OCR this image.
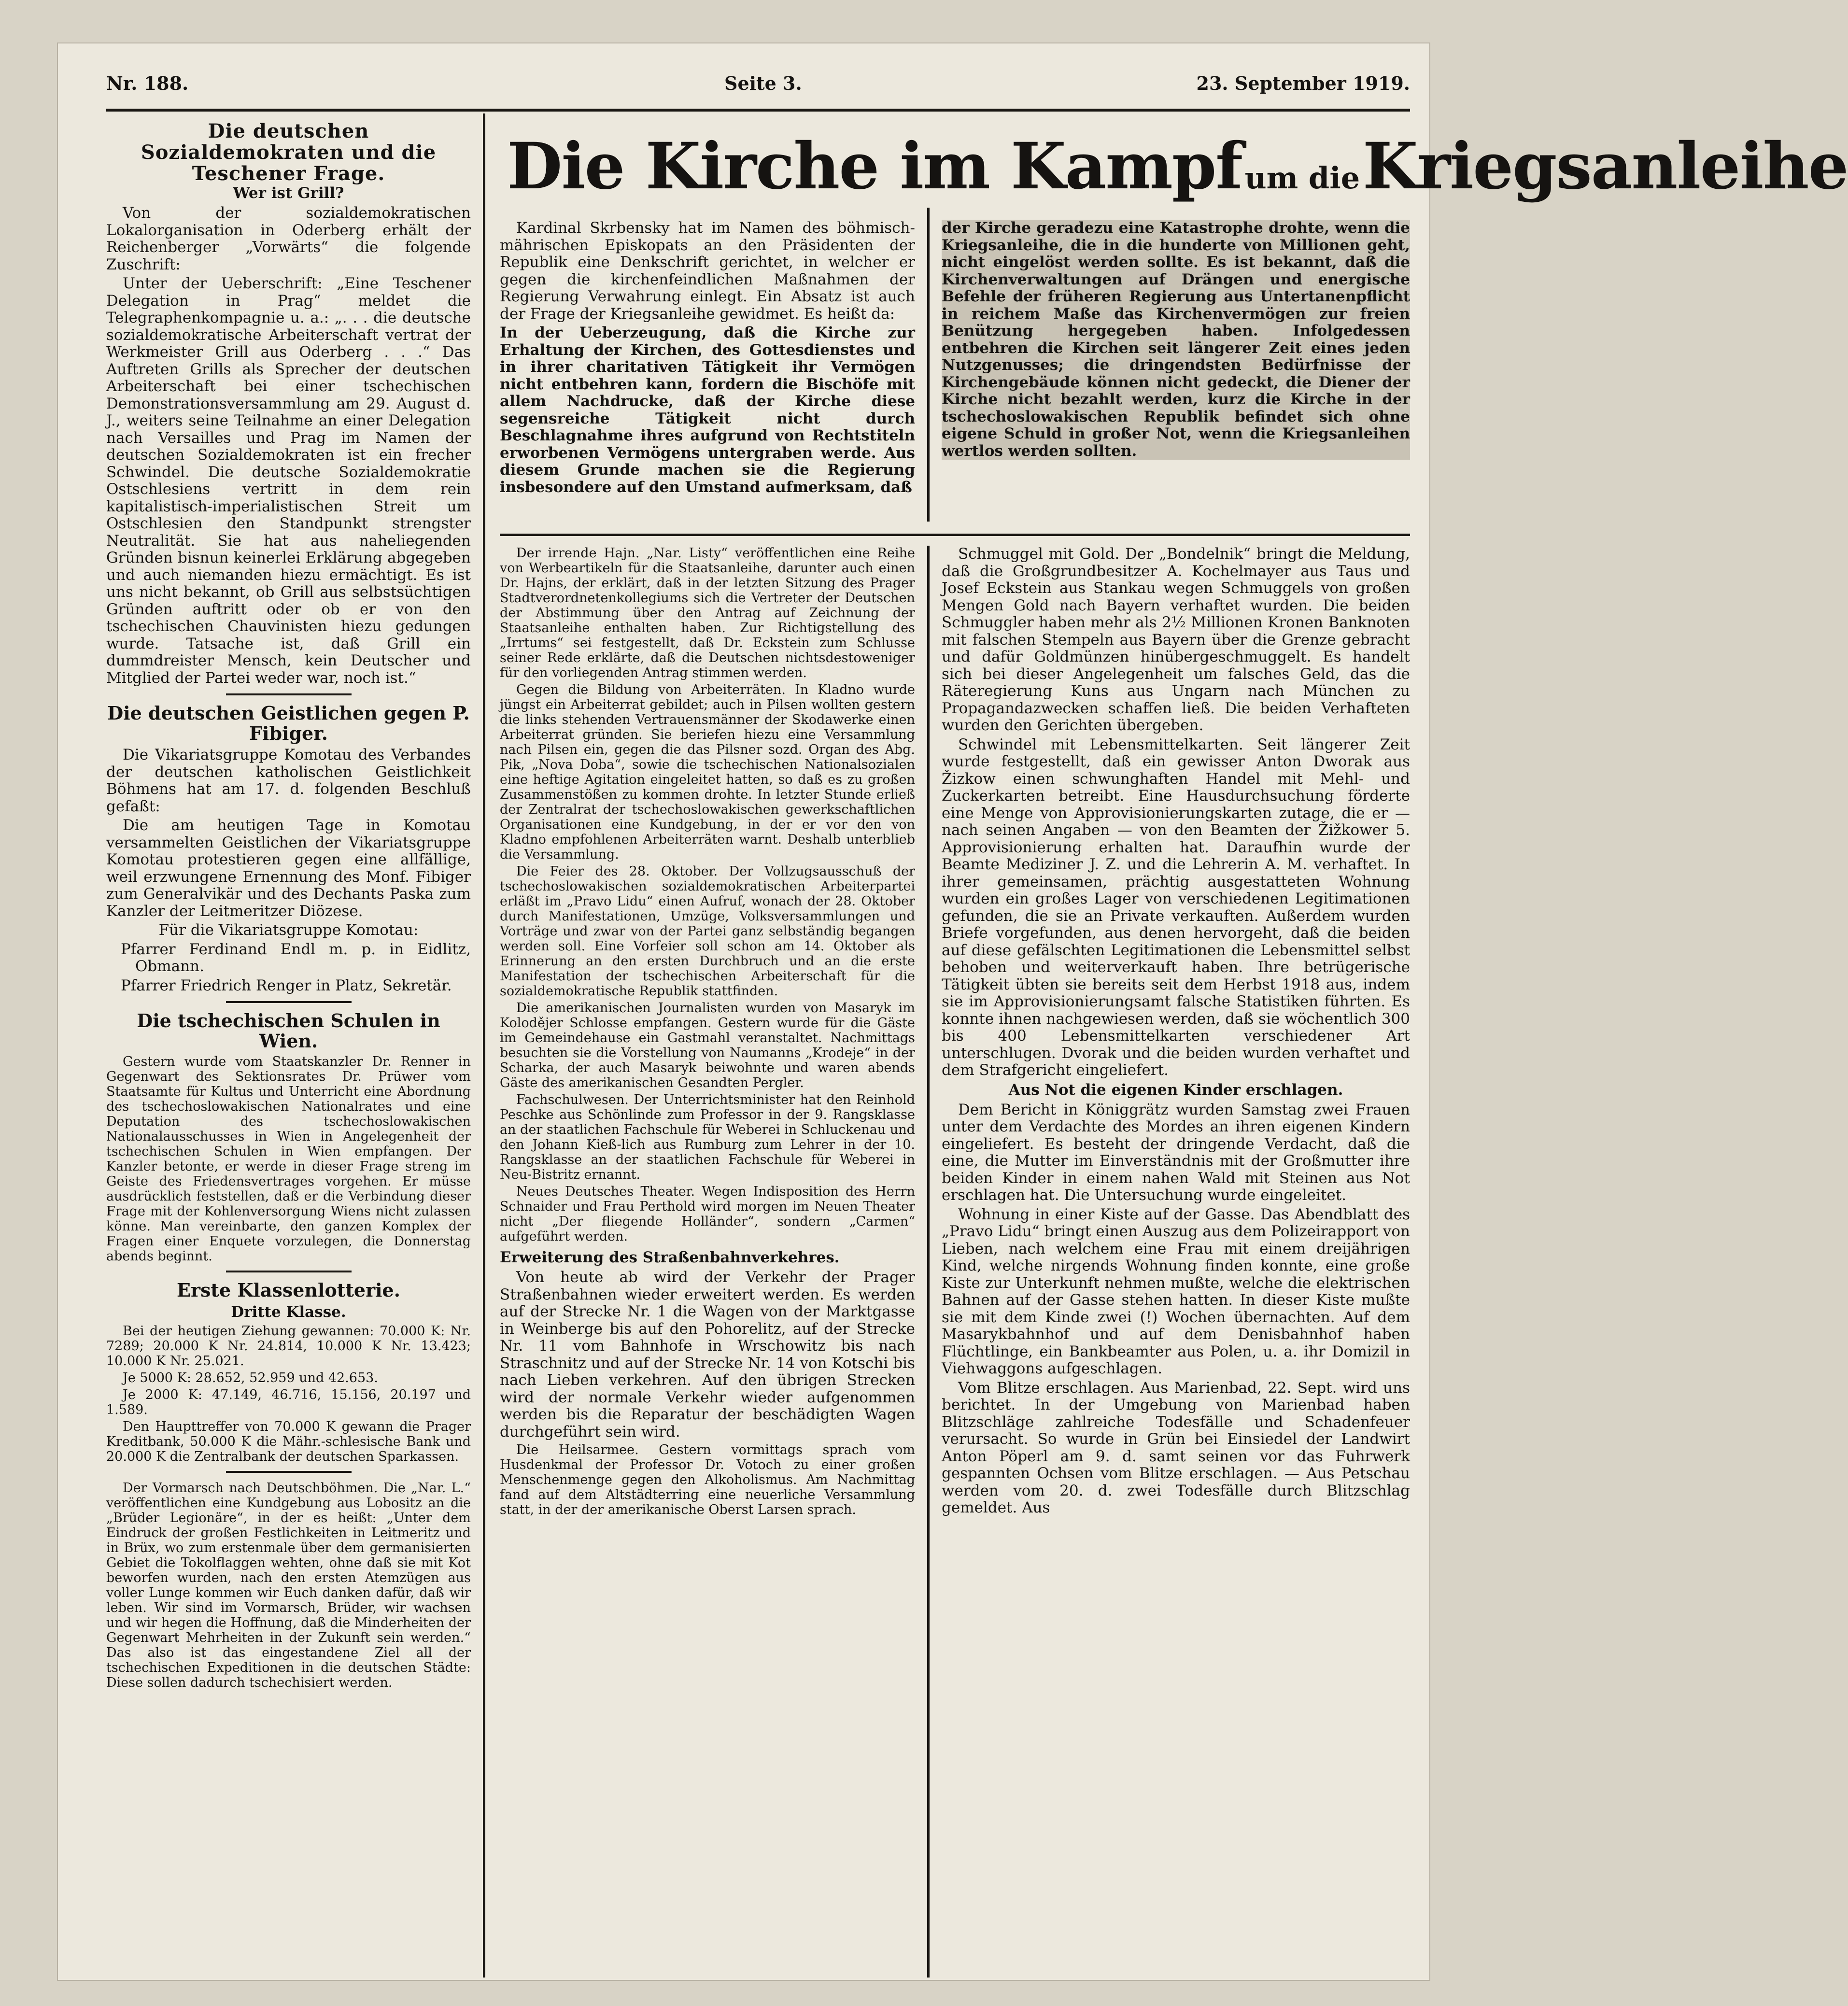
Nr. 188.	Seite 3.	23. September 1919.
Die deutschen Sozialdemokraten und die Teschener Frage.
Wer ist Grill?

Von der sozialdemokratischen Lokalorganisation in Oderberg erhält der Reichenberger „Vorwärts“ die folgende Zuschrift:

Unter der Ueberschrift: „Eine Teschener Delegation in Prag“ meldet die Telegraphenkompagnie u. a.: „. . . die deutsche sozialdemokratische Arbeiterschaft vertrat der Werkmeister Grill aus Oderberg . . .“ Das Auftreten Grills als Sprecher der deutschen Arbeiterschaft bei einer tschechischen Demonstrationsversammlung am 29. August d. J., weiters seine Teilnahme an einer Delegation nach Versailles und Prag im Namen der deutschen Sozialdemokraten ist ein frecher Schwindel. Die deutsche Sozialdemokratie Ostschlesiens vertritt in dem rein kapitalistisch-imperialistischen Streit um Ostschlesien den Standpunkt strengster Neutralität. Sie hat aus naheliegenden Gründen bisnun keinerlei Erklärung abgegeben und auch niemanden hiezu ermächtigt. Es ist uns nicht bekannt, ob Grill aus selbstsüchtigen Gründen auftritt oder ob er von den tschechischen Chauvinisten hiezu gedungen wurde. Tatsache ist, daß Grill ein dummdreister Mensch, kein Deutscher und Mitglied der Partei weder war, noch ist.“

Die deutschen Geistlichen gegen P. Fibiger.

Die Vikariatsgruppe Komotau des Verbandes der deutschen katholischen Geistlichkeit Böhmens hat am 17. d. folgenden Beschluß gefaßt:

Die am heutigen Tage in Komotau versammelten Geistlichen der Vikariatsgruppe Komotau protestieren gegen eine allfällige, weil erzwungene Ernennung des Monf. Fibiger zum Generalvikär und des Dechants Paska zum Kanzler der Leitmeritzer Diözese.

Für die Vikariatsgruppe Komotau:

Pfarrer Ferdinand Endl m. p. in Eidlitz, Obmann.

Pfarrer Friedrich Renger in Platz, Sekretär.

Die tschechischen Schulen in Wien.

Gestern wurde vom Staatskanzler Dr. Renner in Gegenwart des Sektionsrates Dr. Prüwer vom Staatsamte für Kultus und Unterricht eine Abordnung des tschechoslowakischen Nationalrates und eine Deputation des tschechoslowakischen Nationalausschusses in Wien in Angelegenheit der tschechischen Schulen in Wien empfangen. Der Kanzler betonte, er werde in dieser Frage streng im Geiste des Friedensvertrages vorgehen. Er müsse ausdrücklich feststellen, daß er die Verbindung dieser Frage mit der Kohlenversorgung Wiens nicht zulassen könne. Man vereinbarte, den ganzen Komplex der Fragen einer Enquete vorzulegen, die Donnerstag abends beginnt.

Erste Klassenlotterie.
Dritte Klasse.

Bei der heutigen Ziehung gewannen: 70.000 K: Nr. 7289; 20.000 K Nr. 24.814, 10.000 K Nr. 13.423; 10.000 K Nr. 25.021.

Je 5000 K: 28.652, 52.959 und 42.653.

Je 2000 K: 47.149, 46.716, 15.156, 20.197 und 1.589.

Den Haupttreffer von 70.000 K gewann die Prager Kreditbank, 50.000 K die Mähr.-schlesische Bank und 20.000 K die Zentralbank der deutschen Sparkassen.

Der Vormarsch nach Deutschböhmen. Die „Nar. L.“ veröffentlichen eine Kundgebung aus Lobositz an die „Brüder Legionäre“, in der es heißt: „Unter dem Eindruck der großen Festlichkeiten in Leitmeritz und in Brüx, wo zum erstenmale über dem germanisierten Gebiet die Tokolflaggen wehten, ohne daß sie mit Kot beworfen wurden, nach den ersten Atemzügen aus voller Lunge kommen wir Euch danken dafür, daß wir leben. Wir sind im Vormarsch, Brüder, wir wachsen und wir hegen die Hoffnung, daß die Minderheiten der Gegenwart Mehrheiten in der Zukunft sein werden.“ Das also ist das eingestandene Ziel all der tschechischen Expeditionen in die deutschen Städte: Diese sollen dadurch tschechisiert werden.

Die Kirche im Kampf um die Kriegsanleihe

Kardinal Skrbensky hat im Namen des böhmisch-mährischen Episkopats an den Präsidenten der Republik eine Denkschrift gerichtet, in welcher er gegen die kirchenfeindlichen Maßnahmen der Regierung Verwahrung einlegt. Ein Absatz ist auch der Frage der Kriegsanleihe gewidmet. Es heißt da:

In der Ueberzeugung, daß die Kirche zur Erhaltung der Kirchen, des Gottesdienstes und in ihrer charitativen Tätigkeit ihr Vermögen nicht entbehren kann, fordern die Bischöfe mit allem Nachdrucke, daß der Kirche diese segensreiche Tätigkeit nicht durch Beschlagnahme ihres aufgrund von Rechtstiteln erworbenen Vermögens untergraben werde. Aus diesem Grunde machen sie die Regierung insbesondere auf den Umstand aufmerksam, daß

der Kirche geradezu eine Katastrophe drohte, wenn die Kriegsanleihe, die in die hunderte von Millionen geht, nicht eingelöst werden sollte. Es ist bekannt, daß die Kirchenverwaltungen auf Drängen und energische Befehle der früheren Regierung aus Untertanenpflicht in reichem Maße das Kirchenvermögen zur freien Benützung hergegeben haben. Infolgedessen entbehren die Kirchen seit längerer Zeit eines jeden Nutzgenusses; die dringendsten Bedürfnisse der Kirchengebäude können nicht gedeckt, die Diener der Kirche nicht bezahlt werden, kurz die Kirche in der tschechoslowakischen Republik befindet sich ohne eigene Schuld in großer Not, wenn die Kriegsanleihen wertlos werden sollten.

Der irrende Hajn. „Nar. Listy“ veröffentlichen eine Reihe von Werbeartikeln für die Staatsanleihe, darunter auch einen Dr. Hajns, der erklärt, daß in der letzten Sitzung des Prager Stadtverordnetenkollegiums sich die Vertreter der Deutschen der Abstimmung über den Antrag auf Zeichnung der Staatsanleihe enthalten haben. Zur Richtigstellung des „Irrtums“ sei festgestellt, daß Dr. Eckstein zum Schlusse seiner Rede erklärte, daß die Deutschen nichtsdestoweniger für den vorliegenden Antrag stimmen werden.

Gegen die Bildung von Arbeiterräten. In Kladno wurde jüngst ein Arbeiterrat gebildet; auch in Pilsen wollten gestern die links stehenden Vertrauensmänner der Skodawerke einen Arbeiterrat gründen. Sie beriefen hiezu eine Versammlung nach Pilsen ein, gegen die das Pilsner sozd. Organ des Abg. Pik, „Nova Doba“, sowie die tschechischen Nationalsozialen eine heftige Agitation eingeleitet hatten, so daß es zu großen Zusammenstößen zu kommen drohte. In letzter Stunde erließ der Zentralrat der tschechoslowakischen gewerkschaftlichen Organisationen eine Kundgebung, in der er vor den von Kladno empfohlenen Arbeiterräten warnt. Deshalb unterblieb die Versammlung.

Die Feier des 28. Oktober. Der Vollzugsausschuß der tschechoslowakischen sozialdemokratischen Arbeiterpartei erläßt im „Pravo Lidu“ einen Aufruf, wonach der 28. Oktober durch Manifestationen, Umzüge, Volksversammlungen und Vorträge und zwar von der Partei ganz selbständig begangen werden soll. Eine Vorfeier soll schon am 14. Oktober als Erinnerung an den ersten Durchbruch und an die erste Manifestation der tschechischen Arbeiterschaft für die sozialdemokratische Republik stattfinden.

Die amerikanischen Journalisten wurden von Masaryk im Kolodějer Schlosse empfangen. Gestern wurde für die Gäste im Gemeindehause ein Gastmahl veranstaltet. Nachmittags besuchten sie die Vorstellung von Naumanns „Krodeje“ in der Scharka, der auch Masaryk beiwohnte und waren abends Gäste des amerikanischen Gesandten Pergler.

Fachschulwesen. Der Unterrichtsminister hat den Reinhold Peschke aus Schönlinde zum Professor in der 9. Rangsklasse an der staatlichen Fachschule für Weberei in Schluckenau und den Johann Kieß-lich aus Rumburg zum Lehrer in der 10. Rangsklasse an der staatlichen Fachschule für Weberei in Neu-Bistritz ernannt.

Neues Deutsches Theater. Wegen Indisposition des Herrn Schnaider und Frau Perthold wird morgen im Neuen Theater nicht „Der fliegende Holländer“, sondern „Carmen“ aufgeführt werden.

Erweiterung des Straßenbahnverkehres.

Von heute ab wird der Verkehr der Prager Straßenbahnen wieder erweitert werden. Es werden auf der Strecke Nr. 1 die Wagen von der Marktgasse in Weinberge bis auf den Pohorelitz, auf der Strecke Nr. 11 vom Bahnhofe in Wrschowitz bis nach Straschnitz und auf der Strecke Nr. 14 von Kotschi bis nach Lieben verkehren. Auf den übrigen Strecken wird der normale Verkehr wieder aufgenommen werden bis die Reparatur der beschädigten Wagen durchgeführt sein wird.

Die Heilsarmee. Gestern vormittags sprach vom Husdenkmal der Professor Dr. Votoch zu einer großen Menschenmenge gegen den Alkoholismus. Am Nachmittag fand auf dem Altstädterring eine neuerliche Versammlung statt, in der der amerikanische Oberst Larsen sprach.

Schmuggel mit Gold. Der „Bondelnik“ bringt die Meldung, daß die Großgrundbesitzer A. Kochelmayer aus Taus und Josef Eckstein aus Stankau wegen Schmuggels von großen Mengen Gold nach Bayern verhaftet wurden. Die beiden Schmuggler haben mehr als 2½ Millionen Kronen Banknoten mit falschen Stempeln aus Bayern über die Grenze gebracht und dafür Goldmünzen hinübergeschmuggelt. Es handelt sich bei dieser Angelegenheit um falsches Geld, das die Räteregierung Kuns aus Ungarn nach München zu Propagandazwecken schaffen ließ. Die beiden Verhafteten wurden den Gerichten übergeben.

Schwindel mit Lebensmittelkarten. Seit längerer Zeit wurde festgestellt, daß ein gewisser Anton Dworak aus Žizkow einen schwunghaften Handel mit Mehl- und Zuckerkarten betreibt. Eine Hausdurchsuchung förderte eine Menge von Approvisionierungskarten zutage, die er — nach seinen Angaben — von den Beamten der Žižkower 5. Approvisionierung erhalten hat. Daraufhin wurde der Beamte Mediziner J. Z. und die Lehrerin A. M. verhaftet. In ihrer gemeinsamen, prächtig ausgestatteten Wohnung wurden ein großes Lager von verschiedenen Legitimationen gefunden, die sie an Private verkauften. Außerdem wurden Briefe vorgefunden, aus denen hervorgeht, daß die beiden auf diese gefälschten Legitimationen die Lebensmittel selbst behoben und weiterverkauft haben. Ihre betrügerische Tätigkeit übten sie bereits seit dem Herbst 1918 aus, indem sie im Approvisionierungsamt falsche Statistiken führten. Es konnte ihnen nachgewiesen werden, daß sie wöchentlich 300 bis 400 Lebensmittelkarten verschiedener Art unterschlugen. Dvorak und die beiden wurden verhaftet und dem Strafgericht eingeliefert.

Aus Not die eigenen Kinder erschlagen.

Dem Bericht in Königgrätz wurden Samstag zwei Frauen unter dem Verdachte des Mordes an ihren eigenen Kindern eingeliefert. Es besteht der dringende Verdacht, daß die eine, die Mutter im Einverständnis mit der Großmutter ihre beiden Kinder in einem nahen Wald mit Steinen aus Not erschlagen hat. Die Untersuchung wurde eingeleitet.

Wohnung in einer Kiste auf der Gasse. Das Abendblatt des „Pravo Lidu“ bringt einen Auszug aus dem Polizeirapport von Lieben, nach welchem eine Frau mit einem dreijährigen Kind, welche nirgends Wohnung finden konnte, eine große Kiste zur Unterkunft nehmen mußte, welche die elektrischen Bahnen auf der Gasse stehen hatten. In dieser Kiste mußte sie mit dem Kinde zwei (!) Wochen übernachten. Auf dem Masarykbahnhof und auf dem Denisbahnhof haben Flüchtlinge, ein Bankbeamter aus Polen, u. a. ihr Domizil in Viehwaggons aufgeschlagen.

Vom Blitze erschlagen. Aus Marienbad, 22. Sept. wird uns berichtet. In der Umgebung von Marienbad haben Blitzschläge zahlreiche Todesfälle und Schadenfeuer verursacht. So wurde in Grün bei Einsiedel der Landwirt Anton Pöperl am 9. d. samt seinen vor das Fuhrwerk gespannten Ochsen vom Blitze erschlagen. — Aus Petschau werden vom 20. d. zwei Todesfälle durch Blitzschlag gemeldet. Aus
